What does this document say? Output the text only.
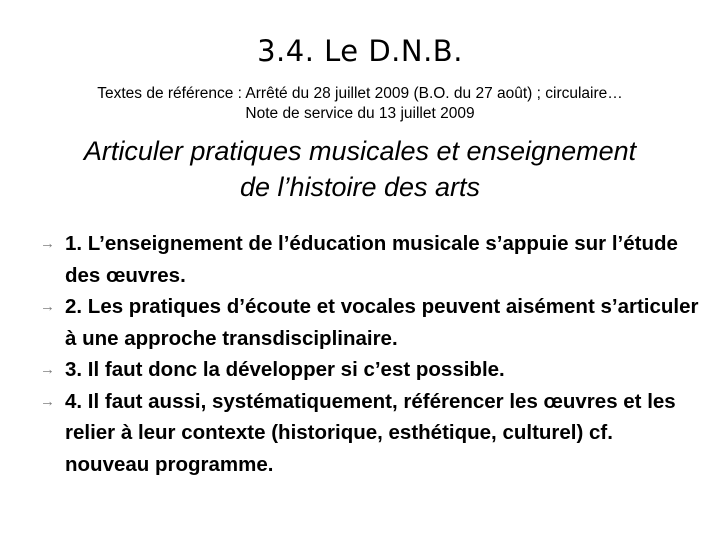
3.4. Le D.N.B.
Textes de référence : Arrêté du 28 juillet 2009 (B.O. du 27 août) ; circulaire…
Note de service du 13 juillet 2009
Articuler pratiques musicales et enseignement
de l’histoire des arts
→ 1. L’enseignement de l’éducation musicale s’appuie sur l’étude des œuvres.
→ 2. Les pratiques d’écoute et vocales peuvent aisément s’articuler à une approche transdisciplinaire.
→ 3. Il faut donc la développer si c’est possible.
→ 4. Il faut aussi, systématiquement, référencer les œuvres et les relier à leur contexte (historique, esthétique, culturel) cf. nouveau programme.
